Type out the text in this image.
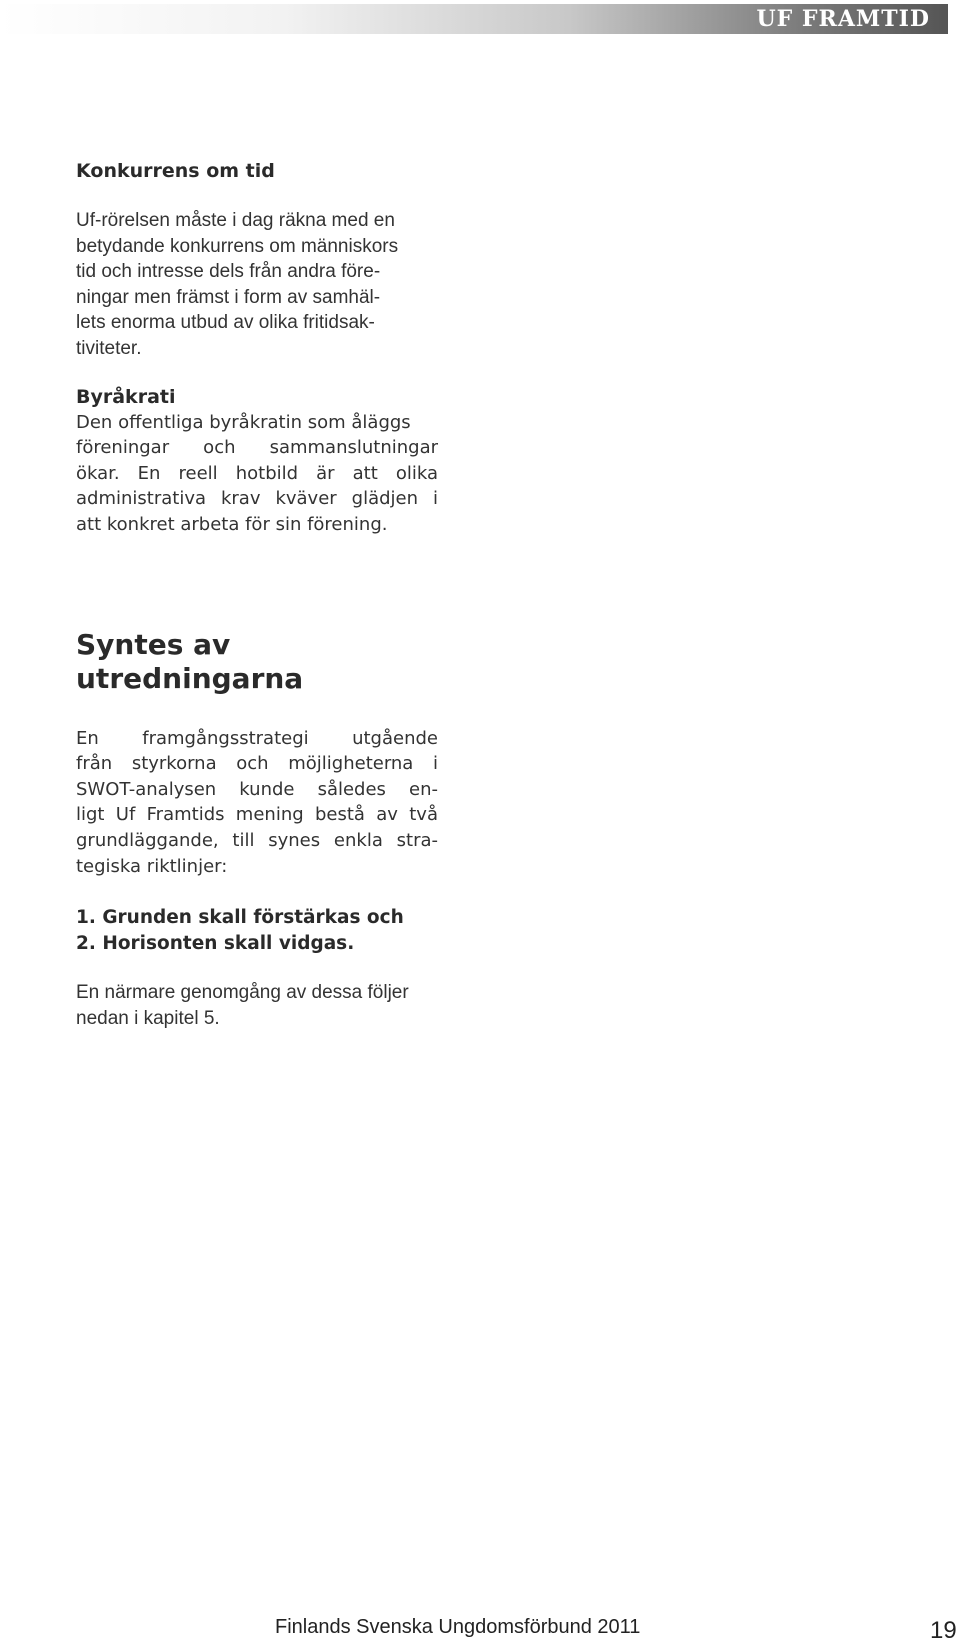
UF FRAMTID

Konkurrens om tid

Uf-rörelsen måste i dag räkna med en
betydande konkurrens om människors
tid och intresse dels från andra före-
ningar men främst i form av samhäl-
lets enorma utbud av olika fritidsak-
tiviteter.

Byråkrati

Den offentliga byråkratin som åläggs
föreningar och sammanslutningar
ökar. En reell hotbild är att olika
administrativa krav kväver glädjen i
att konkret arbeta för sin förening.

Syntes av utredningarna

En framgångsstrategi utgående
från styrkorna och möjligheterna i
SWOT-analysen kunde således en-
ligt Uf Framtids mening bestå av två
grundläggande, till synes enkla stra-
tegiska riktlinjer:
1. Grunden skall förstärkas och
2. Horisonten skall vidgas.
En närmare genomgång av dessa följer
nedan i kapitel 5.
Finlands Svenska Ungdomsförbund 2011	19
